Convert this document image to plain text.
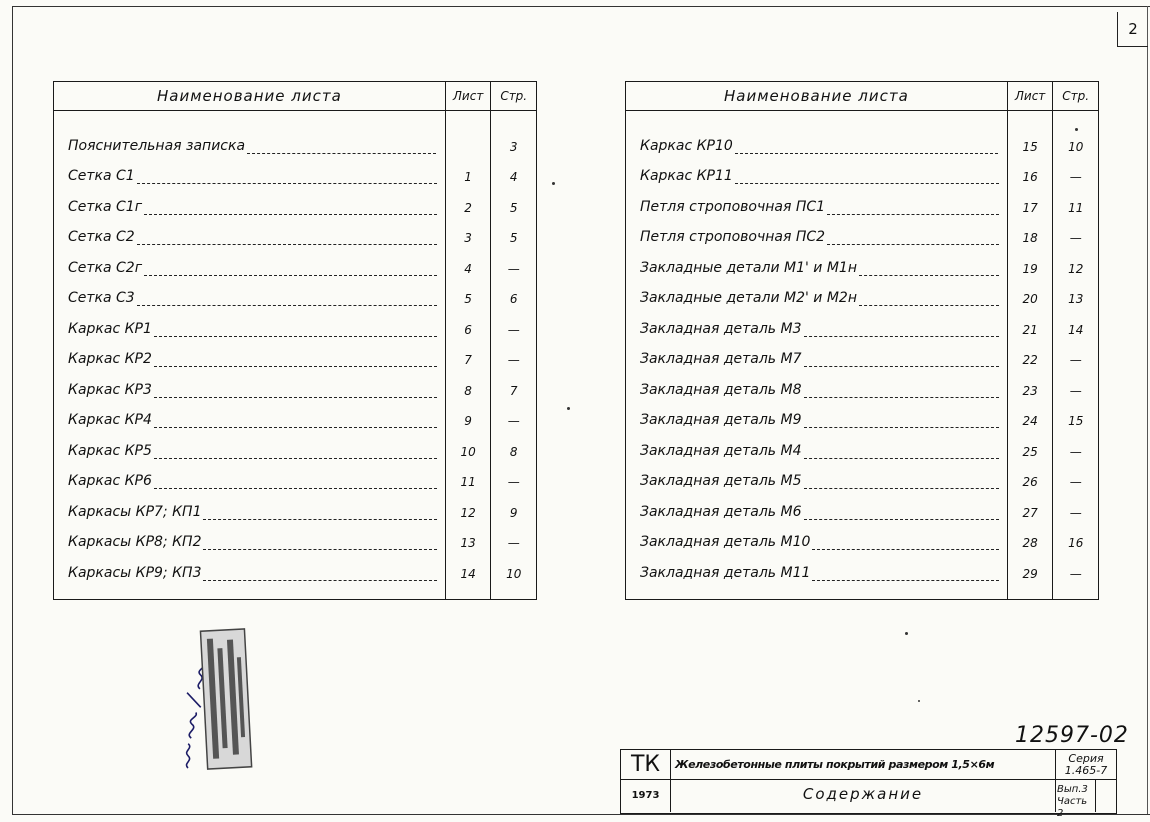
2
Наименование листа	Лист	Стр.
Пояснительная записка		3
Сетка С1	1	4
Сетка С1г	2	5
Сетка С2	3	5
Сетка С2г	4	—
Сетка С3	5	6
Каркас КР1	6	—
Каркас КР2	7	—
Каркас КР3	8	7
Каркас КР4	9	—
Каркас КР5	10	8
Каркас КР6	11	—
Каркасы КР7; КП1	12	9
Каркасы КР8; КП2	13	—
Каркасы КР9; КП3	14	10
Наименование листа	Лист	Стр.
Каркас КР10	15	10
Каркас КР11	16	—
Петля строповочная ПС1	17	11
Петля строповочная ПС2	18	—
Закладные детали М1' и М1н	19	12
Закладные детали М2' и М2н	20	13
Закладная деталь М3	21	14
Закладная деталь М7	22	—
Закладная деталь М8	23	—
Закладная деталь М9	24	15
Закладная деталь М4	25	—
Закладная деталь М5	26	—
Закладная деталь М6	27	—
Закладная деталь М10	28	16
Закладная деталь М11	29	—
12597-02
ТК	Железобетонные плиты покрытий размером 1,5×6м	Серия
1.465-7
1973	Содержание	Вып.3
Часть 2
